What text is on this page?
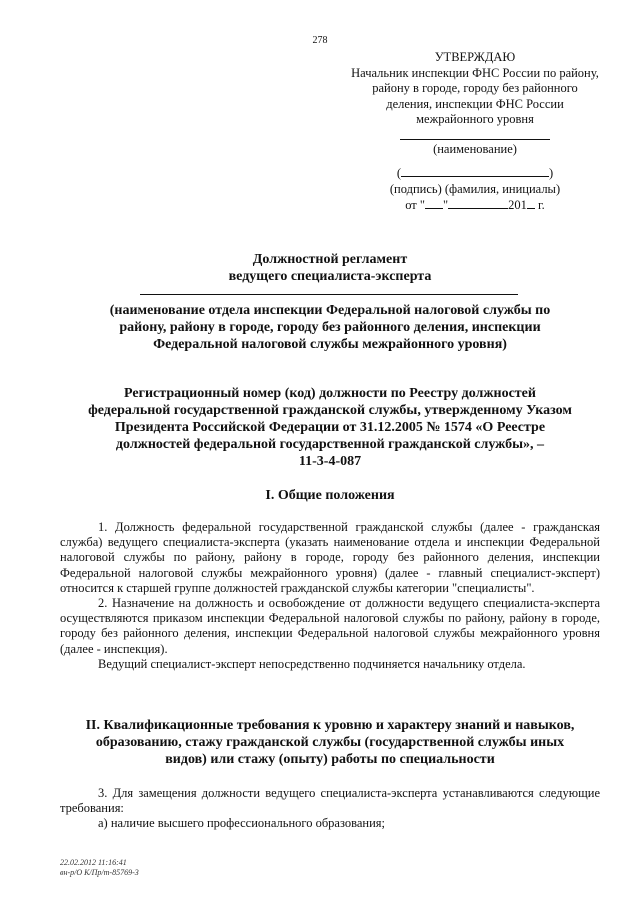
278
УТВЕРЖДАЮ
Начальник инспекции ФНС России по району,
району в городе, городу без районного
деления, инспекции ФНС России
межрайонного уровня
(наименование)
(	)
(подпись) (фамилия, инициалы)
от " "	201 г.
Должностной регламент
ведущего специалиста-эксперта
(наименование отдела инспекции Федеральной налоговой службы по
району, району в городе, городу без районного деления, инспекции
Федеральной налоговой службы межрайонного уровня)
Регистрационный номер (код) должности по Реестру должностей
федеральной государственной гражданской службы, утвержденному Указом
Президента Российской Федерации от 31.12.2005 № 1574 «О Реестре
должностей федеральной государственной гражданской службы», –
11-3-4-087
I. Общие положения

1. Должность федеральной государственной гражданской службы (далее - гражданская служба) ведущего специалиста-эксперта (указать наименование отдела и инспекции Федеральной налоговой службы по району, району в городе, городу без районного деления, инспекции Федеральной налоговой службы межрайонного уровня) (далее - главный специалист-эксперт) относится к старшей группе должностей гражданской службы категории "специалисты".

2. Назначение на должность и освобождение от должности ведущего специалиста-эксперта осуществляются приказом инспекции Федеральной налоговой службы по району, району в городе, городу без районного деления, инспекции Федеральной налоговой службы межрайонного уровня (далее - инспекция).

Ведущий специалист-эксперт непосредственно подчиняется начальнику отдела.

II. Квалификационные требования к уровню и характеру знаний и навыков,
образованию, стажу гражданской службы (государственной службы иных
видов) или стажу (опыту) работы по специальности

3. Для замещения должности ведущего специалиста-эксперта устанавливаются следующие требования:

а) наличие высшего профессионального образования;

22.02.2012 11:16:41
вн-р/О К/Пр/т-85769-3
